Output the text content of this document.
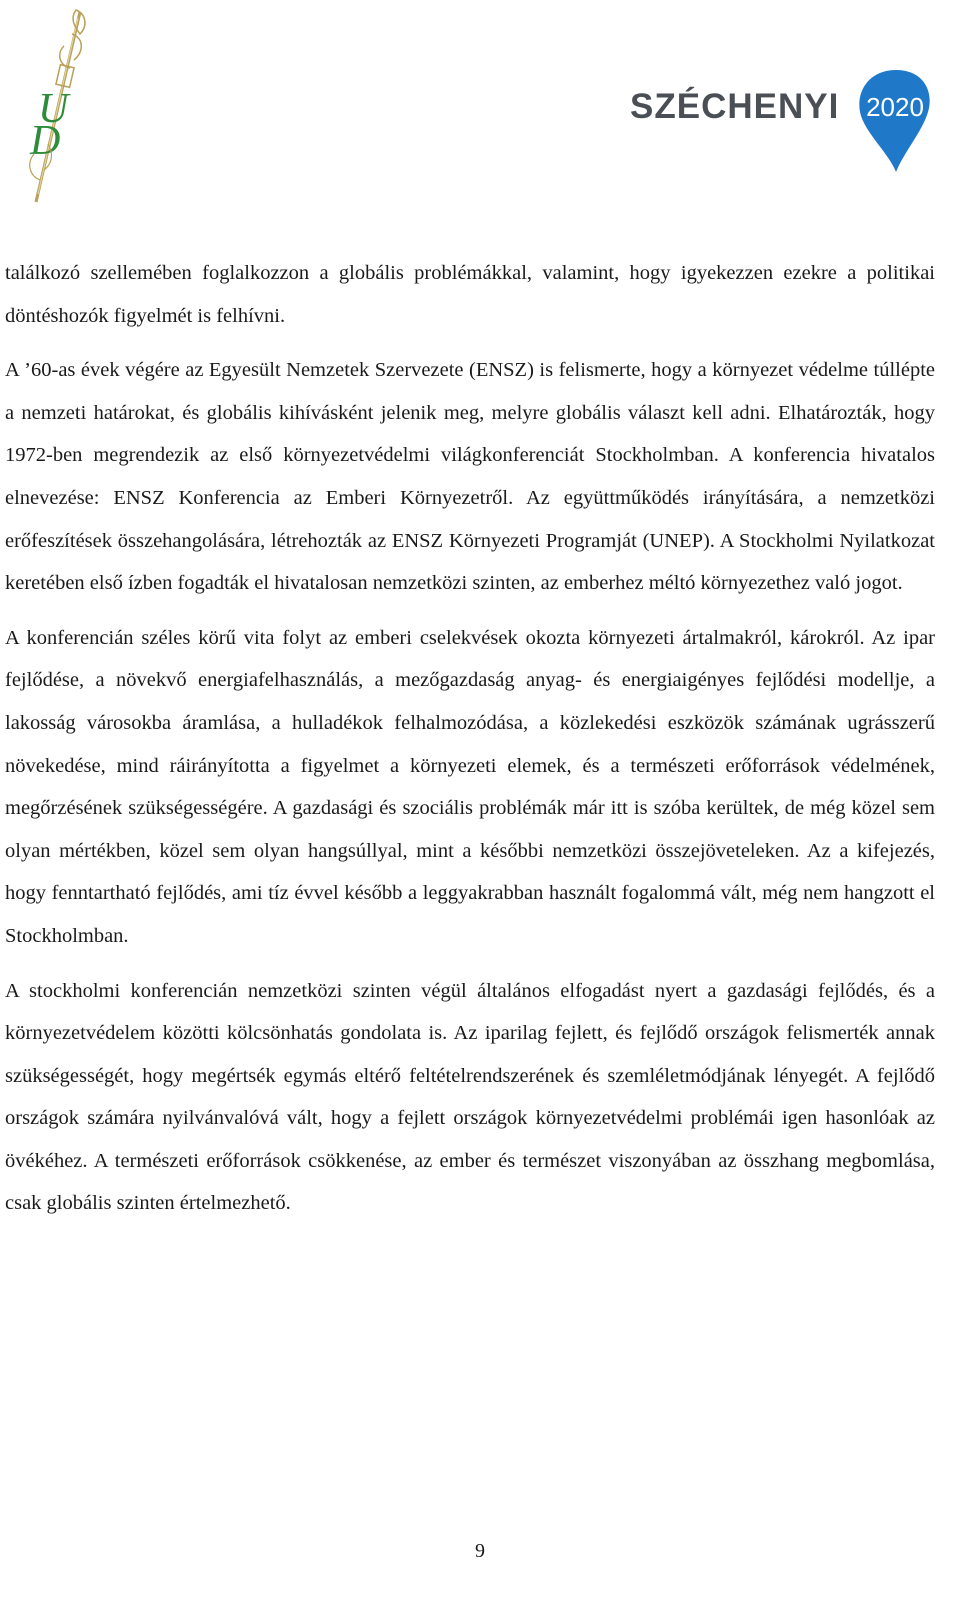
U
D
SZÉCHENYI 2020

találkozó szellemében foglalkozzon a globális problémákkal, valamint, hogy igyekezzen ezekre a politikai döntéshozók figyelmét is felhívni.

A ’60-as évek végére az Egyesült Nemzetek Szervezete (ENSZ) is felismerte, hogy a környezet védelme túllépte a nemzeti határokat, és globális kihívásként jelenik meg, melyre globális választ kell adni. Elhatározták, hogy 1972-ben megrendezik az első környezetvédelmi világkonferenciát Stockholmban. A konferencia hivatalos elnevezése: ENSZ Konferencia az Emberi Környezetről. Az együttműködés irányítására, a nemzetközi erőfeszítések összehangolására, létrehozták az ENSZ Környezeti Programját (UNEP). A Stockholmi Nyilatkozat keretében első ízben fogadták el hivatalosan nemzetközi szinten, az emberhez méltó környezethez való jogot.

A konferencián széles körű vita folyt az emberi cselekvések okozta környezeti ártalmakról, károkról. Az ipar fejlődése, a növekvő energiafelhasználás, a mezőgazdaság anyag- és energiaigényes fejlődési modellje, a lakosság városokba áramlása, a hulladékok felhalmozódása, a közlekedési eszközök számának ugrásszerű növekedése, mind ráirányította a figyelmet a környezeti elemek, és a természeti erőforrások védelmének, megőrzésének szükségességére. A gazdasági és szociális problémák már itt is szóba kerültek, de még közel sem olyan mértékben, közel sem olyan hangsúllyal, mint a későbbi nemzetközi összejöveteleken. Az a kifejezés, hogy fenntartható fejlődés, ami tíz évvel később a leggyakrabban használt fogalommá vált, még nem hangzott el Stockholmban.

A stockholmi konferencián nemzetközi szinten végül általános elfogadást nyert a gazdasági fejlődés, és a környezetvédelem közötti kölcsönhatás gondolata is. Az iparilag fejlett, és fejlődő országok felismerték annak szükségességét, hogy megértsék egymás eltérő feltételrendszerének és szemléletmódjának lényegét. A fejlődő országok számára nyilvánvalóvá vált, hogy a fejlett országok környezetvédelmi problémái igen hasonlóak az övékéhez. A természeti erőforrások csökkenése, az ember és természet viszonyában az összhang megbomlása, csak globális szinten értelmezhető.

9
